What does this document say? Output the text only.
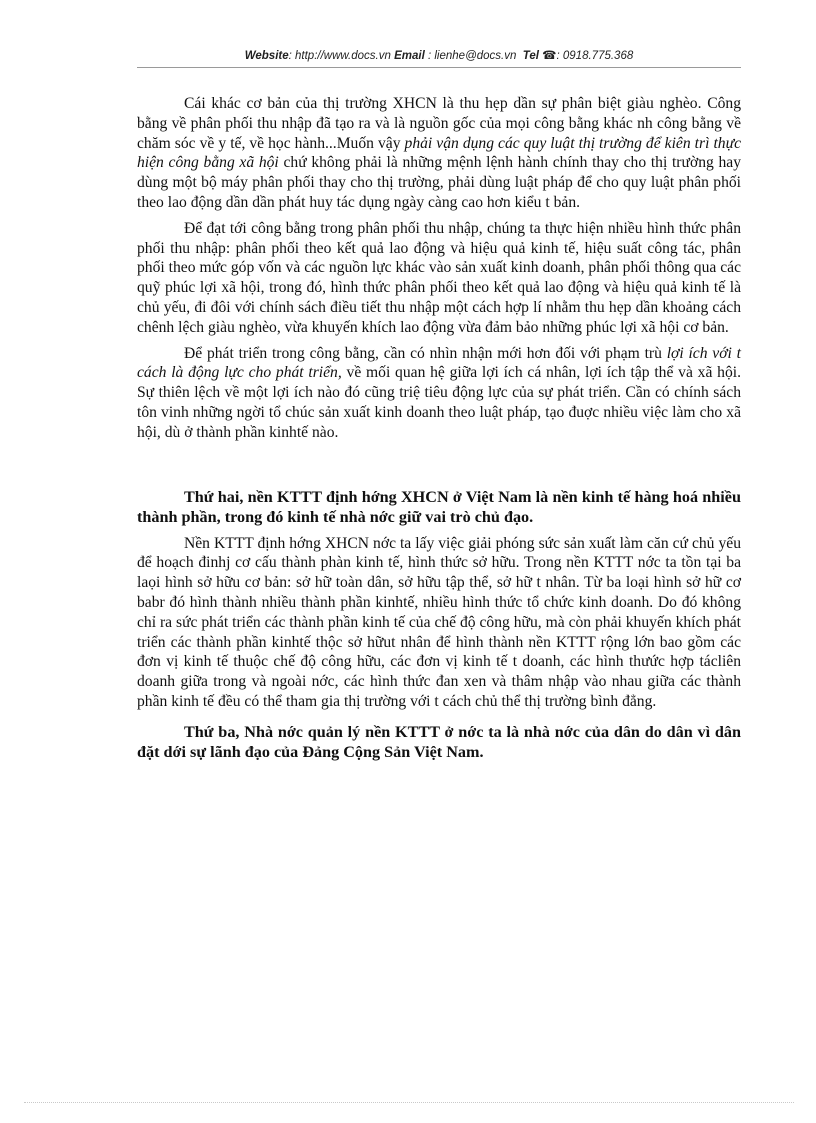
Website: http://www.docs.vn Email : lienhe@docs.vn Tel ☎: 0918.775.368

Cái khác cơ bản của thị trường XHCN là thu hẹp dần sự phân biệt giàu nghèo. Công bằng về phân phối thu nhập đã tạo ra và là nguồn gốc của mọi công bằng khác nh công bằng về chăm sóc về y tế, về học hành...Muốn vậy phải vận dụng các quy luật thị trường để kiên trì thực hiện công bằng xã hội chứ không phải là những mệnh lệnh hành chính thay cho thị trường hay dùng một bộ máy phân phối thay cho thị trường, phải dùng luật pháp để cho quy luật phân phối theo lao động dần dần phát huy tác dụng ngày càng cao hơn kiểu t bản.

Để đạt tới công bằng trong phân phối thu nhập, chúng ta thực hiện nhiều hình thức phân phối thu nhập: phân phối theo kết quả lao động và hiệu quả kinh tế, hiệu suất công tác, phân phối theo mức góp vốn và các nguồn lực khác vào sản xuất kinh doanh, phân phối thông qua các quỹ phúc lợi xã hội, trong đó, hình thức phân phối theo kết quả lao động và hiệu quả kinh tế là chủ yếu, đi đôi với chính sách điều tiết thu nhập một cách hợp lí nhằm thu hẹp dần khoảng cách chênh lệch giàu nghèo, vừa khuyến khích lao động vừa đảm bảo những phúc lợi xã hội cơ bản.

Để phát triển trong công bằng, cần có nhìn nhận mới hơn đối với phạm trù lợi ích với t cách là động lực cho phát triển, về mối quan hệ giữa lợi ích cá nhân, lợi ích tập thể và xã hội. Sự thiên lệch về một lợi ích nào đó cũng triệ tiêu động lực của sự phát triển. Cần có chính sách tôn vinh những ngời tổ chúc sản xuất kinh doanh theo luật pháp, tạo đuợc nhiều việc làm cho xã hội, dù ở thành phần kinhtế nào.

Thứ hai, nền KTTT định hớng XHCN ở Việt Nam là nền kinh tế hàng hoá nhiều thành phần, trong đó kinh tế nhà nớc giữ vai trò chủ đạo.

Nền KTTT định hớng XHCN nớc ta lấy việc giải phóng sức sản xuất làm căn cứ chủ yếu để hoạch đinhj cơ cấu thành phàn kinh tế, hình thức sở hữu. Trong nền KTTT nớc ta tồn tại ba laọi hình sở hữu cơ bản: sở hữ toàn dân, sở hữu tập thể, sở hữ t nhân. Từ ba loại hình sở hữ cơ babr đó hình thành nhiều thành phần kinhtế, nhiều hình thức tổ chức kinh doanh. Do đó không chỉ ra sức phát triển các thành phần kinh tế của chế độ công hữu, mà còn phải khuyến khích phát triển các thành phần kinhtế thộc sở hữut nhân để hình thành nền KTTT rộng lớn bao gồm các đơn vị kinh tế thuộc chế độ công hữu, các đơn vị kinh tế t doanh, các hình thưức hợp tácliên doanh giữa trong và ngoài nớc, các hình thức đan xen và thâm nhập vào nhau giữa các thành phần kinh tế đều có thể tham gia thị trường với t cách chủ thể thị trường bình đẳng.

Thứ ba, Nhà nớc quản lý nền KTTT ở nớc ta là nhà nớc của dân do dân vì dân đặt dới sự lãnh đạo của Đảng Cộng Sản Việt Nam.
